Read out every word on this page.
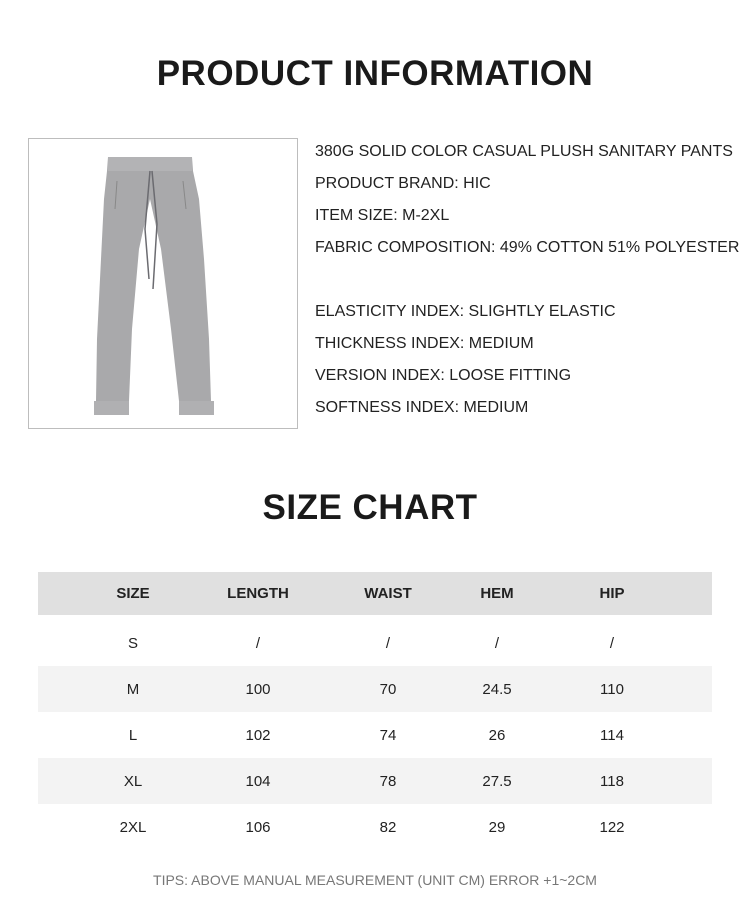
PRODUCT INFORMATION
380G SOLID COLOR CASUAL PLUSH SANITARY PANTS
PRODUCT BRAND: HIC
ITEM SIZE: M-2XL
FABRIC COMPOSITION: 49% COTTON 51% POLYESTER
ELASTICITY INDEX: SLIGHTLY ELASTIC
THICKNESS INDEX: MEDIUM
VERSION INDEX: LOOSE FITTING
SOFTNESS INDEX: MEDIUM
SIZE CHART
SIZE	LENGTH	WAIST	HEM	HIP
S	/	/	/	/
M	100	70	24.5	110
L	102	74	26	114
XL	104	78	27.5	118
2XL	106	82	29	122
TIPS: ABOVE MANUAL MEASUREMENT (UNIT CM) ERROR +1~2CM
